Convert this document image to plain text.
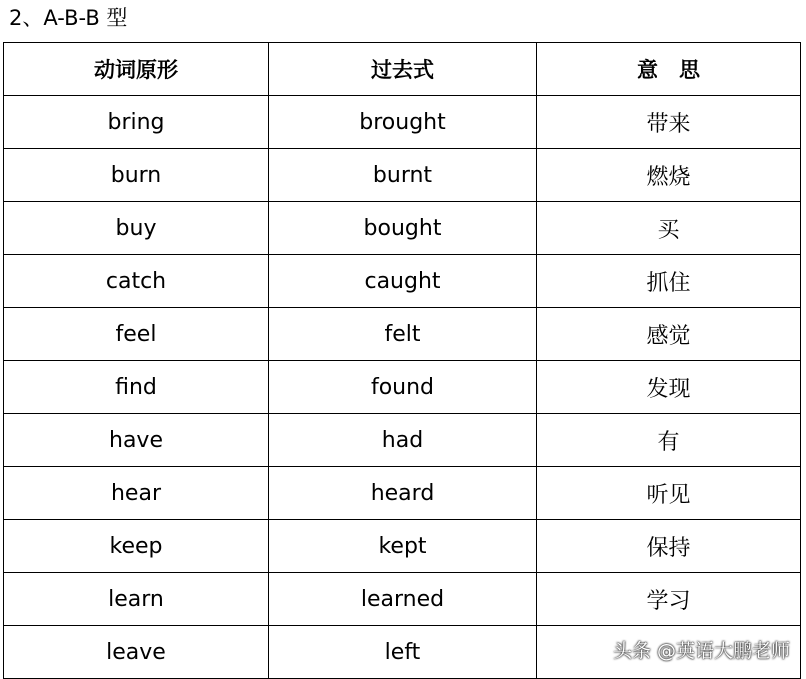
2、A-B-B 型
动词原形	过去式	意　思
bring	brought	带来
burn	burnt	燃烧
buy	bought	买
catch	caught	抓住
feel	felt	感觉
find	found	发现
have	had	有
hear	heard	听见
keep	kept	保持
learn	learned	学习
leave	left		头条 @英语大鹏老师
